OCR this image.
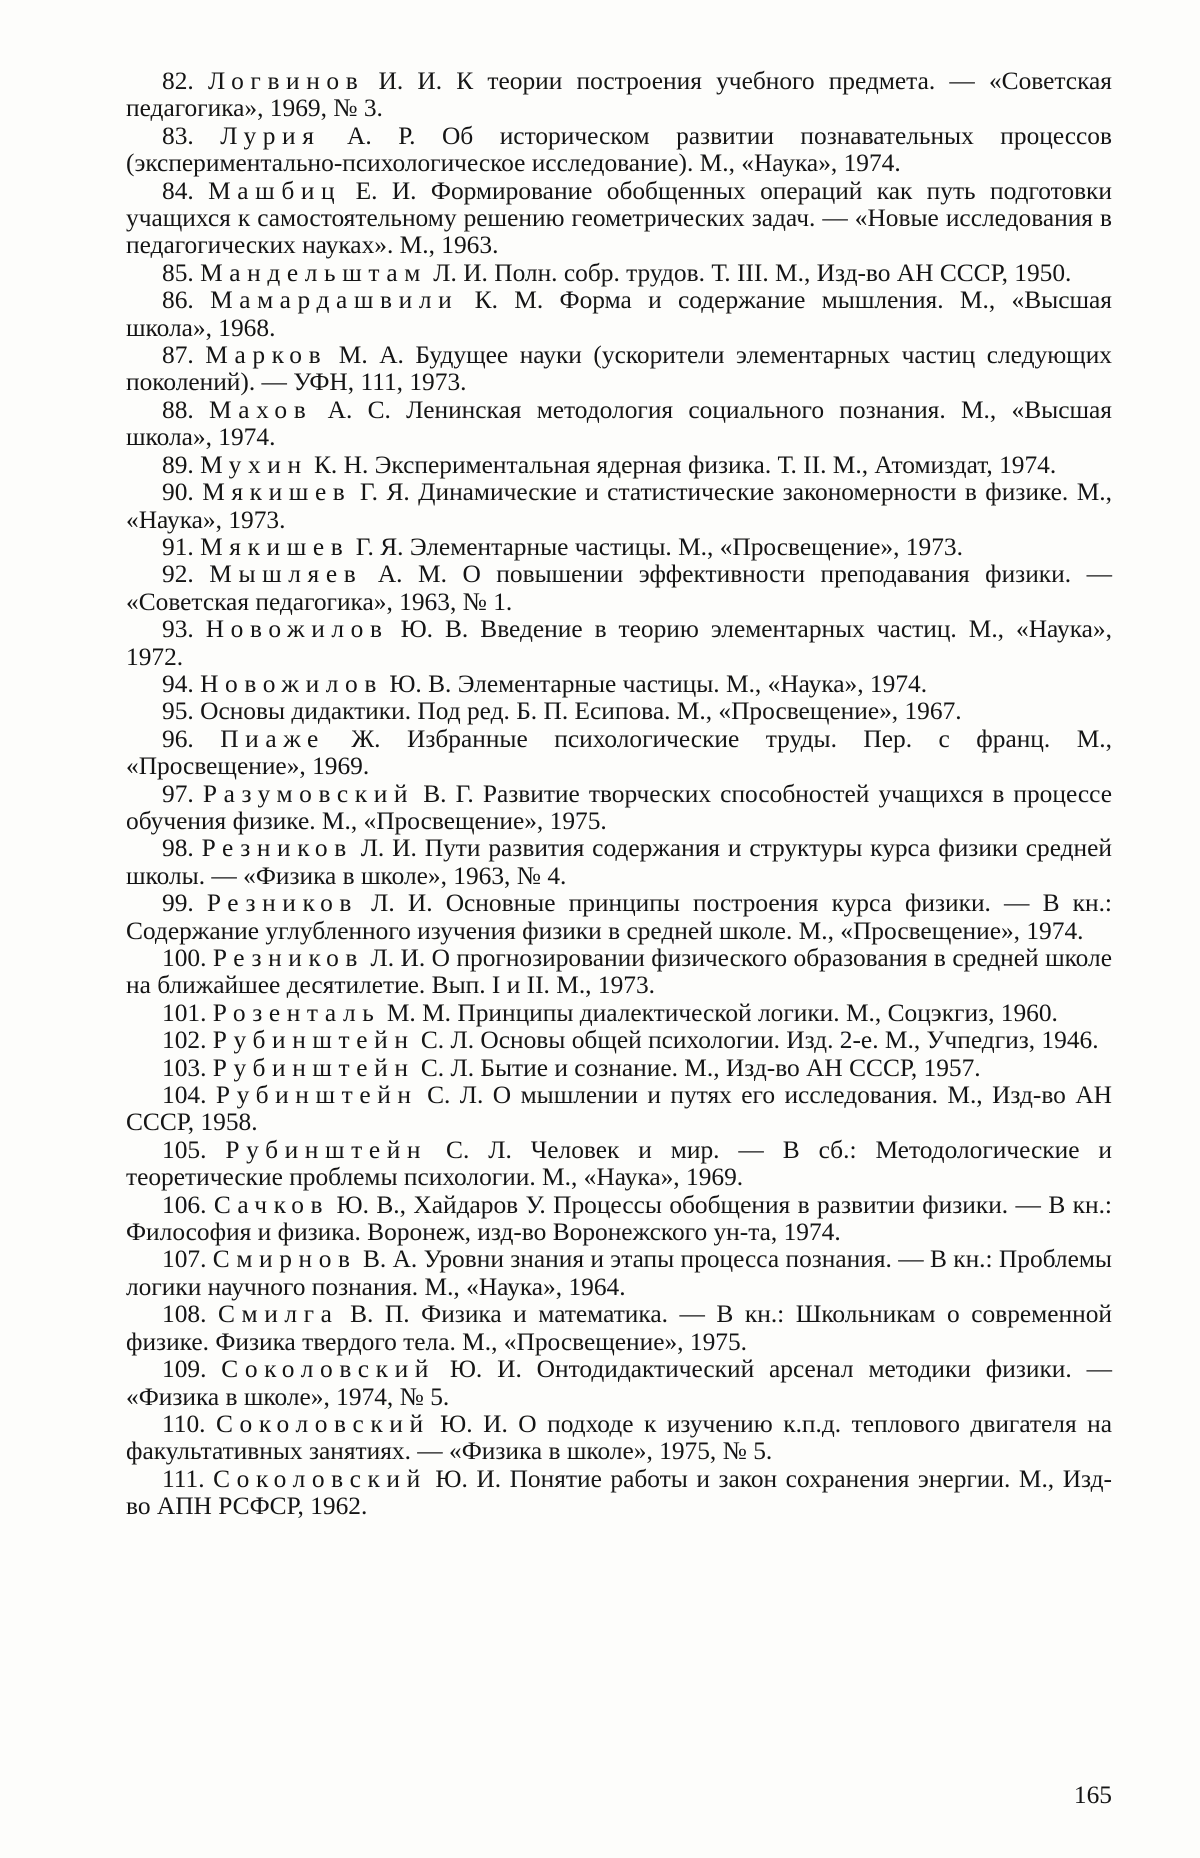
82. Логвинов И. И. К теории построения учебного предмета. — «Советская педагогика», 1969, № 3.

83. Лурия А. Р. Об историческом развитии познавательных процессов (экспериментально-психологическое исследование). М., «Наука», 1974.

84. Машбиц Е. И. Формирование обобщенных операций как путь подготовки учащихся к самостоятельному решению геометрических задач. — «Новые исследования в педагогических науках». М., 1963.

85. Мандельштам Л. И. Полн. собр. трудов. Т. III. М., Изд-во АН СССР, 1950.

86. Мамардашвили К. М. Форма и содержание мышления. М., «Высшая школа», 1968.

87. Марков М. А. Будущее науки (ускорители элементарных частиц следующих поколений). — УФН, 111, 1973.

88. Махов А. С. Ленинская методология социального познания. М., «Высшая школа», 1974.

89. Мухин К. Н. Экспериментальная ядерная физика. Т. II. М., Атомиздат, 1974.

90. Мякишев Г. Я. Динамические и статистические закономерности в физике. М., «Наука», 1973.

91. Мякишев Г. Я. Элементарные частицы. М., «Просвещение», 1973.

92. Мышляев А. М. О повышении эффективности преподавания физики. — «Советская педагогика», 1963, № 1.

93. Новожилов Ю. В. Введение в теорию элементарных частиц. М., «Наука», 1972.

94. Новожилов Ю. В. Элементарные частицы. М., «Наука», 1974.

95. Основы дидактики. Под ред. Б. П. Есипова. М., «Просвещение», 1967.

96. Пиаже Ж. Избранные психологические труды. Пер. с франц. М., «Просвещение», 1969.

97. Разумовский В. Г. Развитие творческих способностей учащихся в процессе обучения физике. М., «Просвещение», 1975.

98. Резников Л. И. Пути развития содержания и структуры курса физики средней школы. — «Физика в школе», 1963, № 4.

99. Резников Л. И. Основные принципы построения курса физики. — В кн.: Содержание углубленного изучения физики в средней школе. М., «Просвещение», 1974.

100. Резников Л. И. О прогнозировании физического образования в средней школе на ближайшее десятилетие. Вып. I и II. М., 1973.

101. Розенталь М. М. Принципы диалектической логики. М., Соцэкгиз, 1960.

102. Рубинштейн С. Л. Основы общей психологии. Изд. 2-е. М., Учпедгиз, 1946.

103. Рубинштейн С. Л. Бытие и сознание. М., Изд-во АН СССР, 1957.

104. Рубинштейн С. Л. О мышлении и путях его исследования. М., Изд-во АН СССР, 1958.

105. Рубинштейн С. Л. Человек и мир. — В сб.: Методологические и теоретические проблемы психологии. М., «Наука», 1969.

106. Сачков Ю. В., Хайдаров У. Процессы обобщения в развитии физики. — В кн.: Философия и физика. Воронеж, изд-во Воронежского ун-та, 1974.

107. Смирнов В. А. Уровни знания и этапы процесса познания. — В кн.: Проблемы логики научного познания. М., «Наука», 1964.

108. Смилга В. П. Физика и математика. — В кн.: Школьникам о современной физике. Физика твердого тела. М., «Просвещение», 1975.

109. Соколовский Ю. И. Онтодидактический арсенал методики физики. — «Физика в школе», 1974, № 5.

110. Соколовский Ю. И. О подходе к изучению к.п.д. теплового двигателя на факультативных занятиях. — «Физика в школе», 1975, № 5.

111. Соколовский Ю. И. Понятие работы и закон сохранения энергии. М., Изд-во АПН РСФСР, 1962.

165
